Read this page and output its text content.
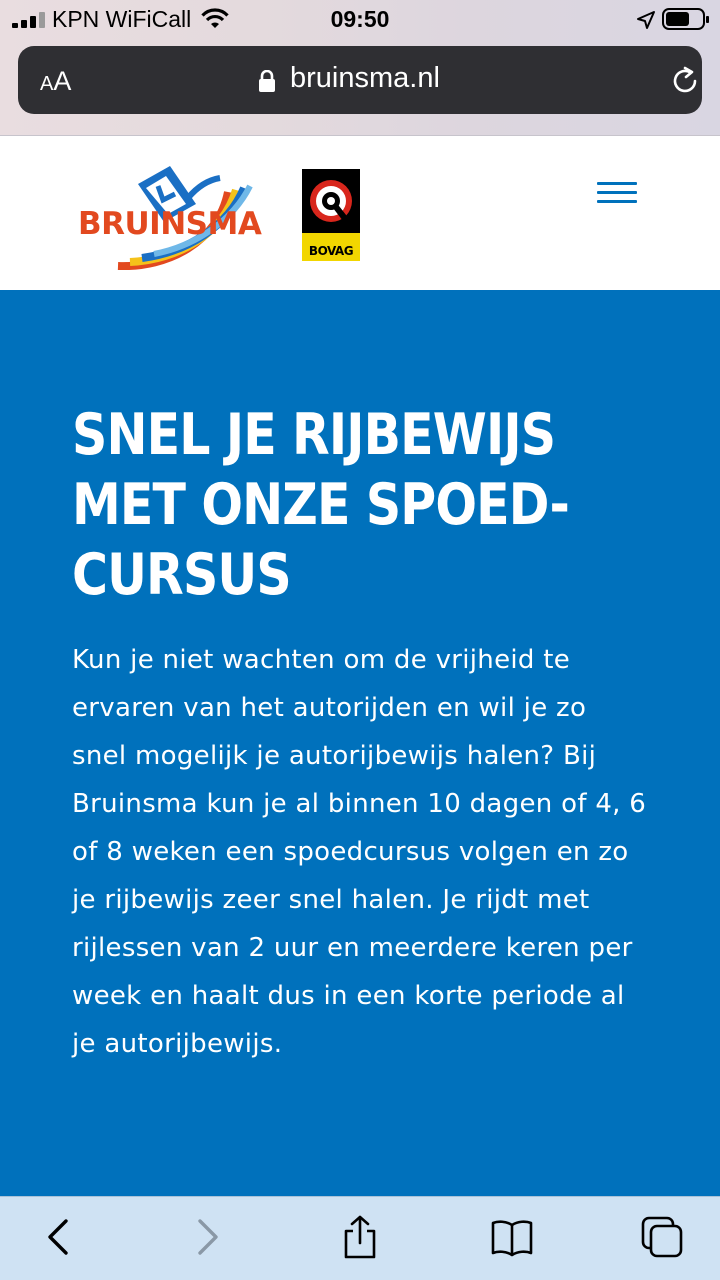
KPN WiFiCall	09:50
AA	bruinsma.nl
BRUINSMA
BOVAG
SNEL JE RIJBEWIJS
MET ONZE SPOED-
CURSUS
Kun je niet wachten om de vrijheid te
ervaren van het autorijden en wil je zo
snel mogelijk je autorijbewijs halen? Bij
Bruinsma kun je al binnen 10 dagen of 4, 6
of 8 weken een spoedcursus volgen en zo
je rijbewijs zeer snel halen. Je rijdt met
rijlessen van 2 uur en meerdere keren per
week en haalt dus in een korte periode al
je autorijbewijs.
